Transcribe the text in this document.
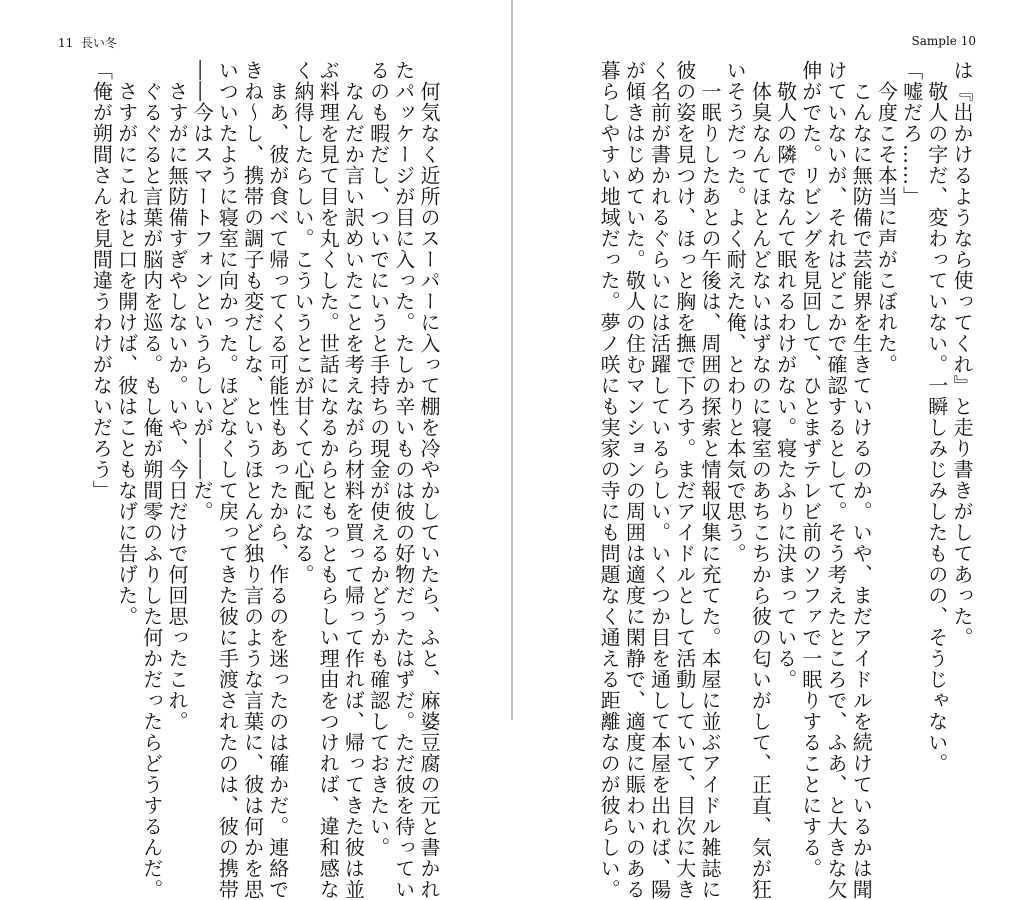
11 長い冬
　何気なく近所のスーパーに入って棚を冷やかしていたら、ふと、麻婆豆腐の元と書かれ
たパッケージが目に入った。たしか辛いものは彼の好物だったはずだ。ただ彼を待ってい
るのも暇だし、ついでにいうと手持ちの現金が使えるかどうかも確認しておきたい。
　なんだか言い訳めいたことを考えながら材料を買って帰って作れば、帰ってきた彼は並
ぶ料理を見て目を丸くした。世話になるからともっともらしい理由をつければ、違和感な
く納得したらしい。こういうとこが甘くて心配になる。
　まあ、彼が食べて帰ってくる可能性もあったから、作るのを迷ったのは確かだ。連絡で
きね～し、携帯の調子も変だしな、というほとんど独り言のような言葉に、彼は何かを思
いついたように寝室に向かった。ほどなくして戻ってきた彼に手渡されたのは、彼の携帯
――今はスマートフォンというらしいが――だ。
　さすがに無防備すぎやしないか。いや、今日だけで何回思ったこれ。
　ぐるぐると言葉が脳内を巡る。もし俺が朔間零のふりした何かだったらどうするんだ。
　さすがにこれはと口を開けば、彼はこともなげに告げた。
「俺が朔間さんを見間違うわけがないだろう」
Sample 10
は『出かけるようなら使ってくれ』と走り書きがしてあった。
　敬人の字だ、変わっていない。一瞬しみじみしたものの、そうじゃない。
「嘘だろ……」
　今度こそ本当に声がこぼれた。
　こんなに無防備で芸能界を生きていけるのか。いや、まだアイドルを続けているかは聞
けていないが、それはどこかで確認するとして。そう考えたところで、ふあ、と大きな欠
伸がでた。リビングを見回して、ひとまずテレビ前のソファで一眠りすることにする。
　敬人の隣でなんて眠れるわけがない。寝たふりに決まっている。
　体臭なんてほとんどないはずなのに寝室のあちこちから彼の匂いがして、正直、気が狂
いそうだった。よく耐えた俺、とわりと本気で思う。
　一眠りしたあとの午後は、周囲の探索と情報収集に充てた。本屋に並ぶアイドル雑誌に
彼の姿を見つけ、ほっと胸を撫で下ろす。まだアイドルとして活動していて、目次に大き
く名前が書かれるぐらいには活躍しているらしい。いくつか目を通して本屋を出れば、陽
が傾きはじめていた。敬人の住むマンションの周囲は適度に閑静で、適度に賑わいのある
暮らしやすい地域だった。夢ノ咲にも実家の寺にも問題なく通える距離なのが彼らしい。
